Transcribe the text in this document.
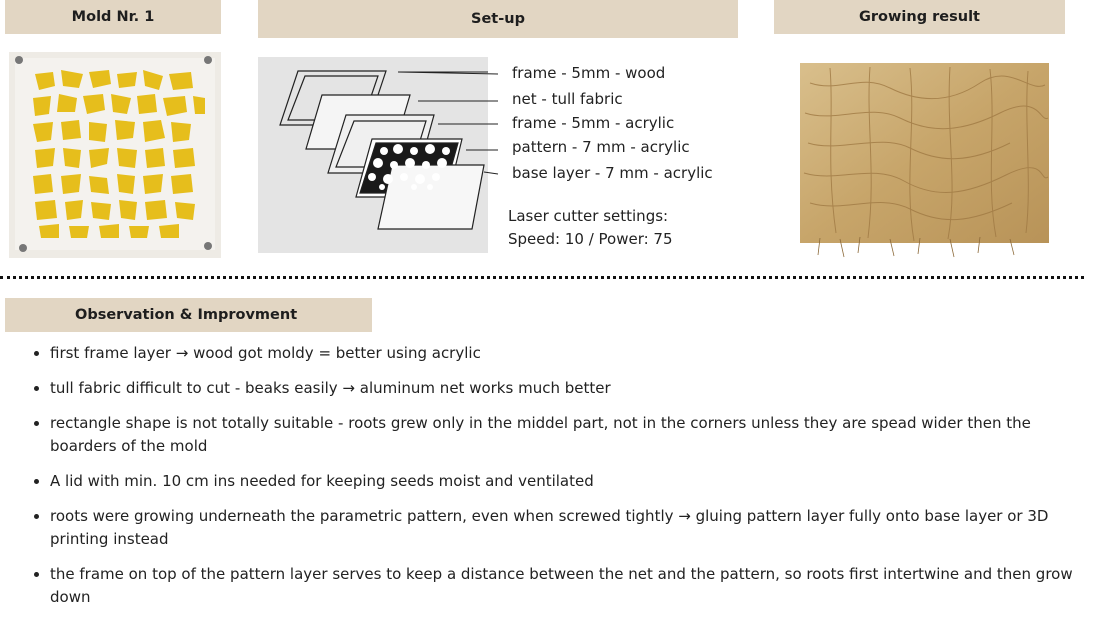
Mold Nr. 1	Set-up	Growing result
frame - 5mm - wood
net - tull fabric
frame - 5mm - acrylic
pattern - 7 mm - acrylic
base layer - 7 mm - acrylic
Laser cutter settings:
Speed: 10 / Power: 75
Observation & Improvment
• first frame layer → wood got moldy = better using acrylic
• tull fabric difficult to cut - beaks easily → aluminum net works much better
• rectangle shape is not totally suitable - roots grew only in the middel part, not in the corners unless they are spead wider then the boarders of the mold
• A lid with min. 10 cm ins needed for keeping seeds moist and ventilated
• roots were growing underneath the parametric pattern, even when screwed tightly → gluing pattern layer fully onto base layer or 3D printing instead
• the frame on top of the pattern layer serves to keep a distance between the net and the pattern, so roots first intertwine and then grow down
